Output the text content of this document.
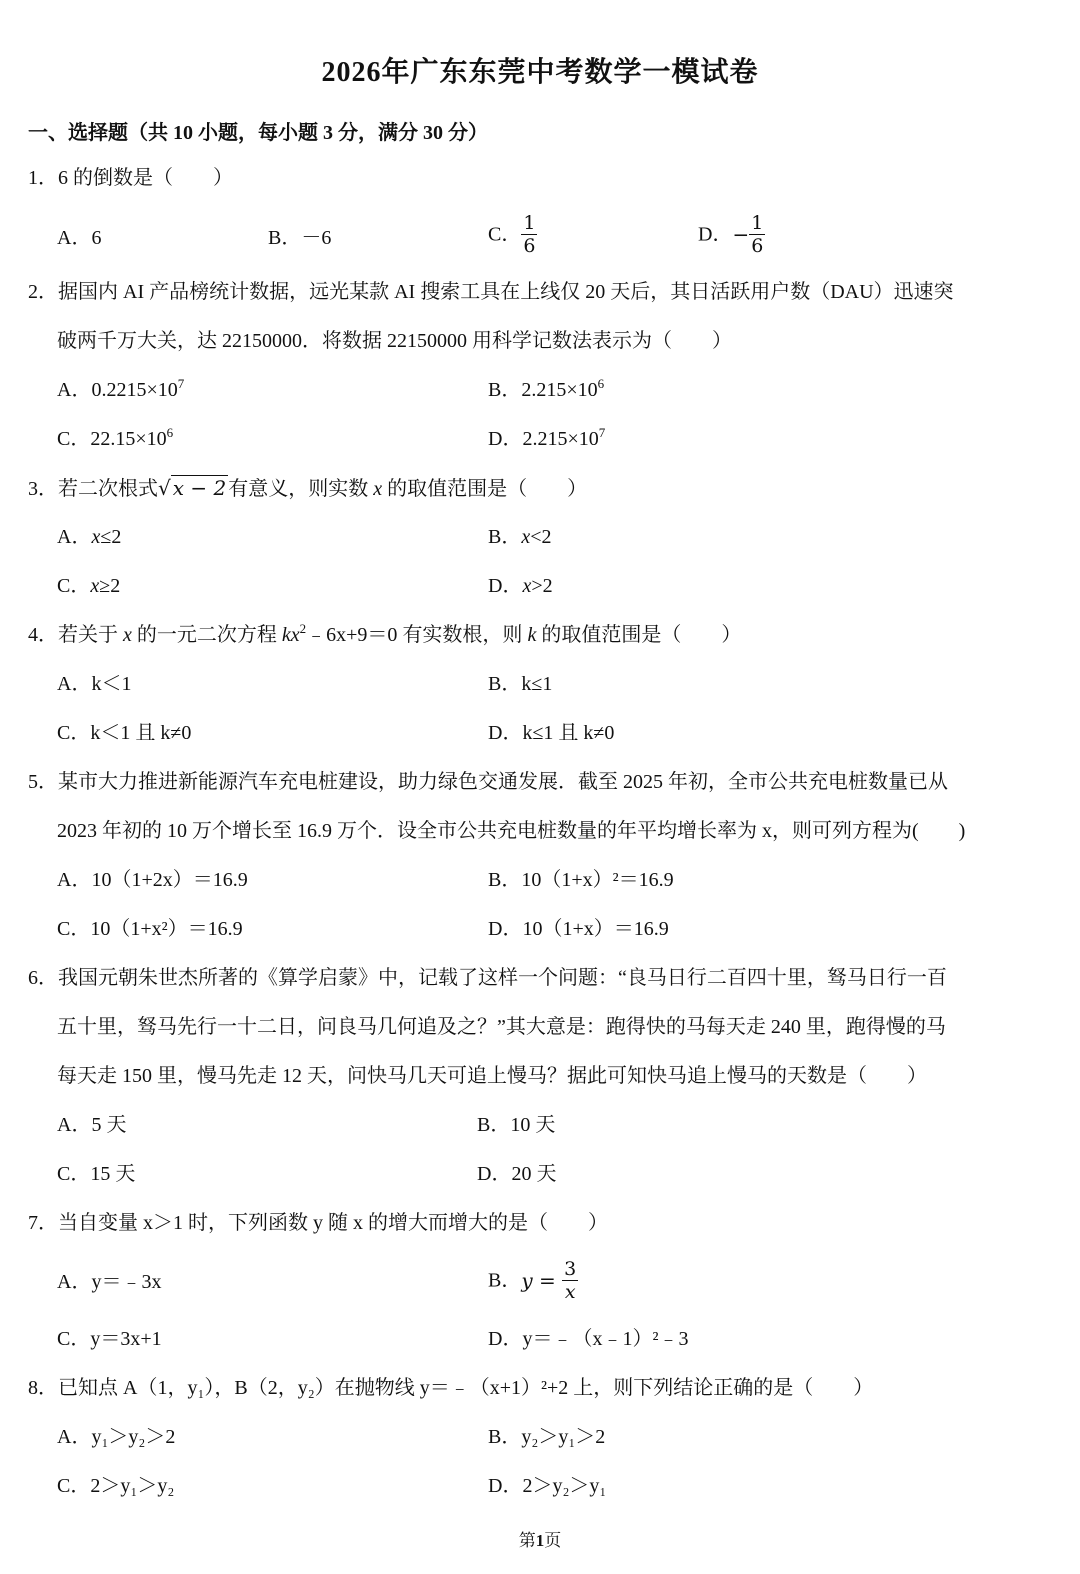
2026年广东东莞中考数学一模试卷
一、选择题（共 10 小题，每小题 3 分，满分 30 分）
1．6 的倒数是（　　）
A．6	B．－6	C． $\frac{1}{6}$	D．− $\frac{1}{6}$
2．据国内 AI 产品榜统计数据，远光某款 AI 搜索工具在上线仅 20 天后，其日活跃用户数（DAU）迅速突
破两千万大关，达 22150000．将数据 22150000 用科学记数法表示为（　　）
A．$0.2215\times 10^7$	B．$2.215\times 10^6$
C．$22.15\times 10^6$	D．$2.215\times 10^7$
3．若二次根式√ x − 2 有意义，则实数 x 的取值范围是（　　）
A．x≤2	B．x<2
C．x≥2	D．x>2
4．若关于 x 的一元二次方程 $kx^2﹣6x+9=0$ 有实数根，则 k 的取值范围是（　　）
A．k＜1	B．k≤1
C．k＜1 且 k≠0	D．k≤1 且 k≠0
5．某市大力推进新能源汽车充电桩建设，助力绿色交通发展．截至 2025 年初，全市公共充电桩数量已从
2023 年初的 10 万个增长至 16.9 万个．设全市公共充电桩数量的年平均增长率为 x，则可列方程为(　　)
A．10（1+2x）＝16.9	B．10（1+x）²＝16.9
C．10（1+x²）＝16.9	D．10（1+x）＝16.9
6．我国元朝朱世杰所著的《算学启蒙》中，记载了这样一个问题：“良马日行二百四十里，驽马日行一百
五十里，驽马先行一十二日，问良马几何追及之？”其大意是：跑得快的马每天走 240 里，跑得慢的马
每天走 150 里，慢马先走 12 天，问快马几天可追上慢马？据此可知快马追上慢马的天数是（　　）
A．5 天	B．10 天
C．15 天	D．20 天
7．当自变量 x＞1 时，下列函数 y 随 x 的增大而增大的是（　　）
A．y＝﹣3x	B．$y = \frac{3}{x}$
C．y＝3x+1	D．y＝﹣（x﹣1）²﹣3
8．已知点 A（1，y₁），B（2，y₂）在抛物线 y＝﹣（x+1）²+2 上，则下列结论正确的是（　　）
A．y₁＞y₂＞2	B．y₂＞y₁＞2
C．2＞y₁＞y₂	D．2＞y₂＞y₁
第1页
